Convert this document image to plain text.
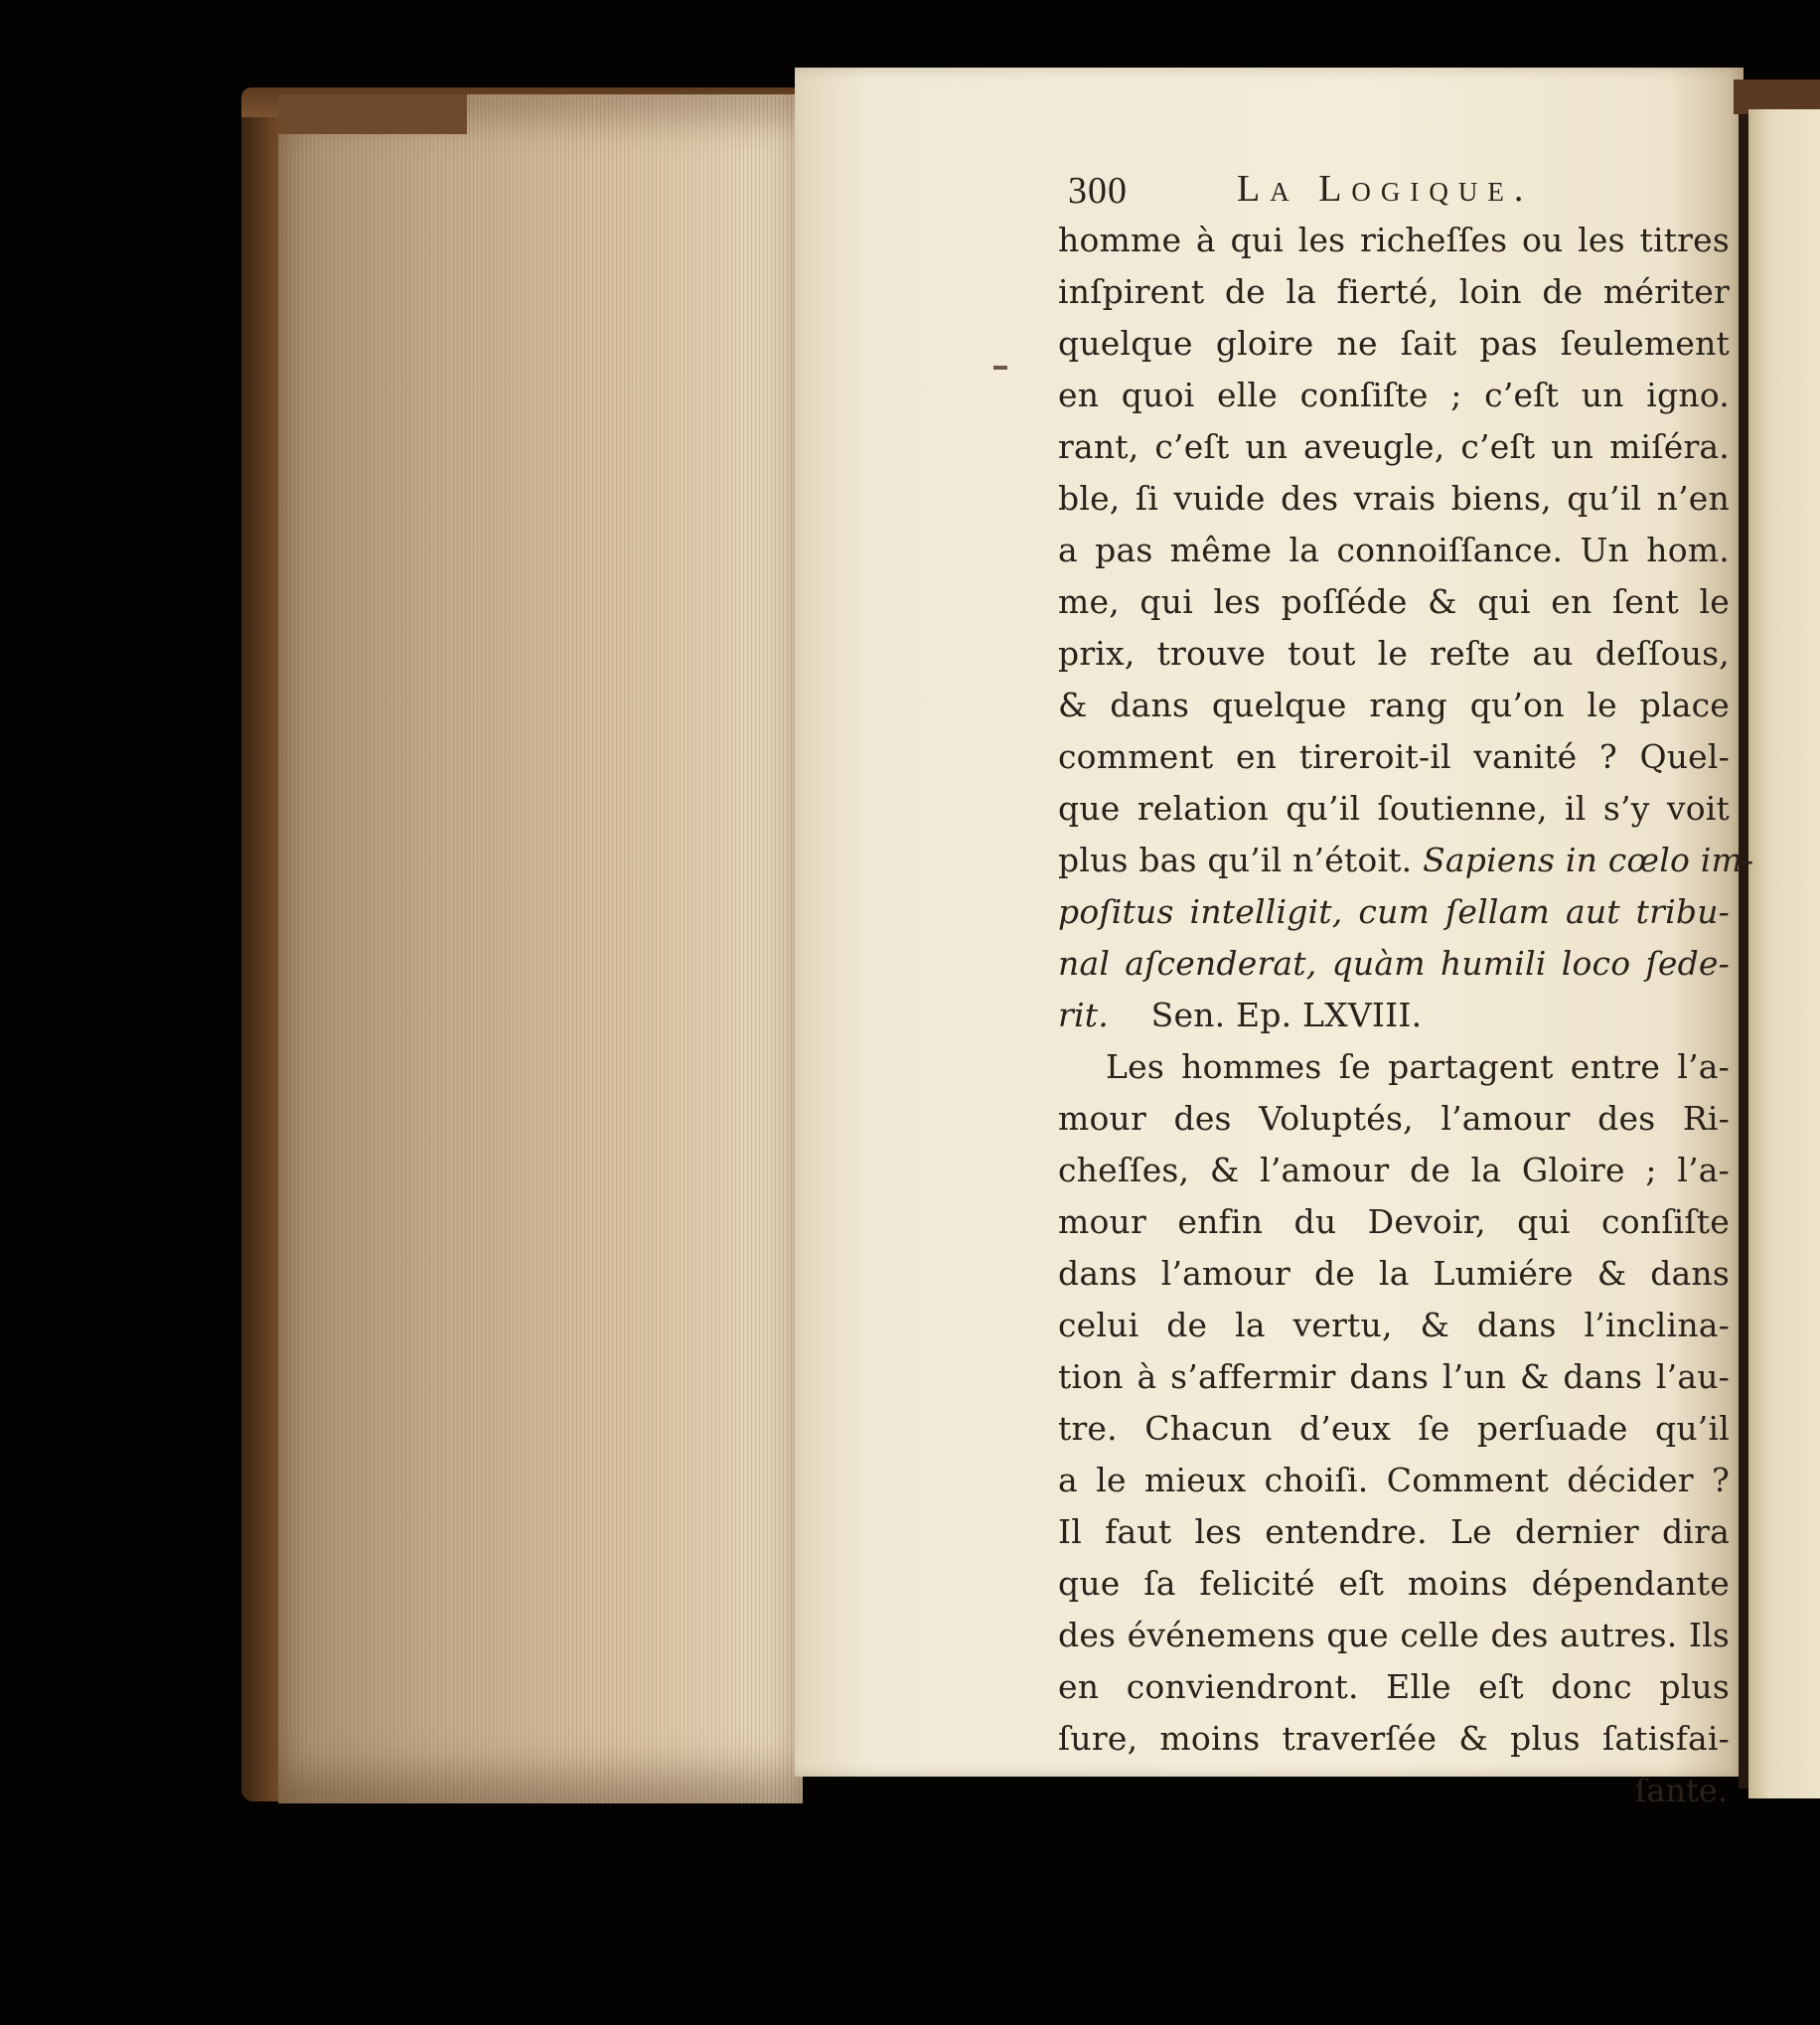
300	La Logique.
homme à qui les richeſſes ou les titres
inſpirent de la fierté, loin de mériter
quelque gloire ne ſait pas ſeulement
en quoi elle conſiſte ; c’eſt un igno.
rant, c’eſt un aveugle, c’eſt un miſéra.
ble, ſi vuide des vrais biens, qu’il n’en
a pas même la connoiſſance. Un hom.
me, qui les poſſéde & qui en ſent le
prix, trouve tout le reſte au deſſous,
& dans quelque rang qu’on le place
comment en tireroit-il vanité ? Quel-
que relation qu’il ſoutienne, il s’y voit
plus bas qu’il n’étoit. Sapiens in cœlo im-
poſitus intelligit, cum ſellam aut tribu-
nal aſcenderat, quàm humili loco ſede-
rit. Sen. Ep. LXVIII.
Les hommes ſe partagent entre l’a-
mour des Voluptés, l’amour des Ri-
cheſſes, & l’amour de la Gloire ; l’a-
mour enfin du Devoir, qui conſiſte
dans l’amour de la Lumiére & dans
celui de la vertu, & dans l’inclina-
tion à s’affermir dans l’un & dans l’au-
tre. Chacun d’eux ſe perſuade qu’il
a le mieux choiſi. Comment décider ?
Il faut les entendre. Le dernier dira
que ſa felicité eſt moins dépendante
des événemens que celle des autres. Ils
en conviendront. Elle eſt donc plus
ſure, moins traverſée & plus ſatisfai-
ſante.
